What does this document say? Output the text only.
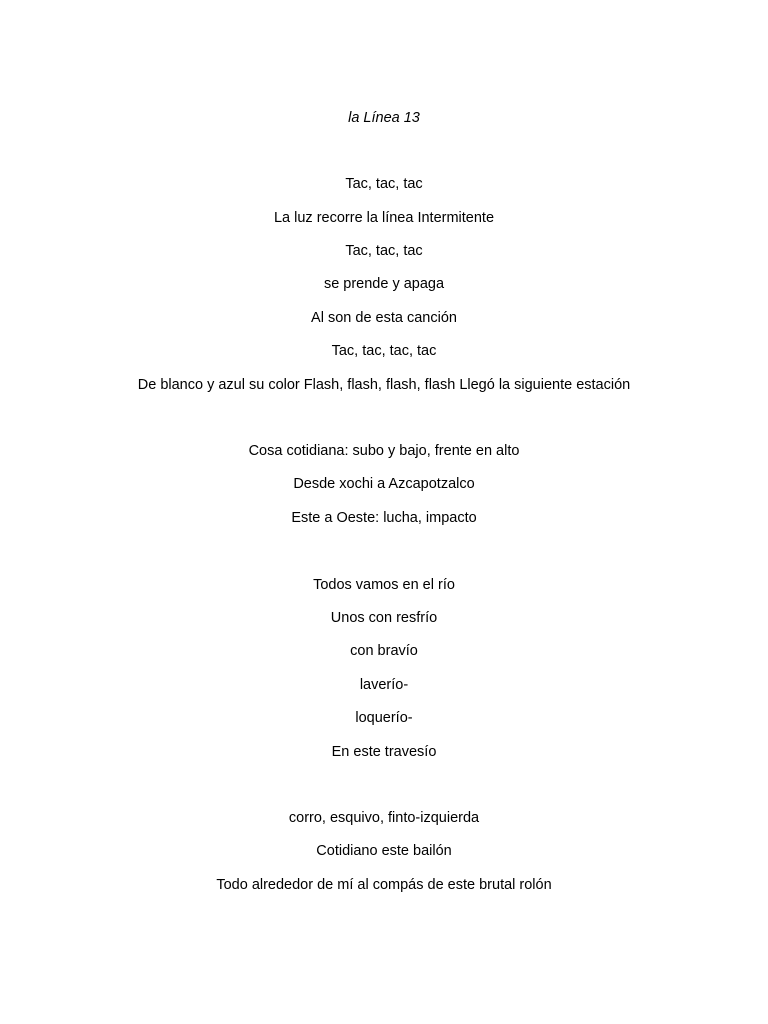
la Línea 13
Tac, tac, tac
La luz recorre la línea Intermitente
Tac, tac, tac
se prende y apaga
Al son de esta canción
Tac, tac, tac, tac
De blanco y azul su color Flash, flash, flash, flash Llegó la siguiente estación
Cosa cotidiana: subo y bajo, frente en alto
Desde xochi a Azcapotzalco
Este a Oeste: lucha, impacto
Todos vamos en el río
Unos con resfrío
con bravío
laverío-
loquerío-
En este travesío
corro, esquivo, finto-izquierda
Cotidiano este bailón
Todo alrededor de mí al compás de este brutal rolón
